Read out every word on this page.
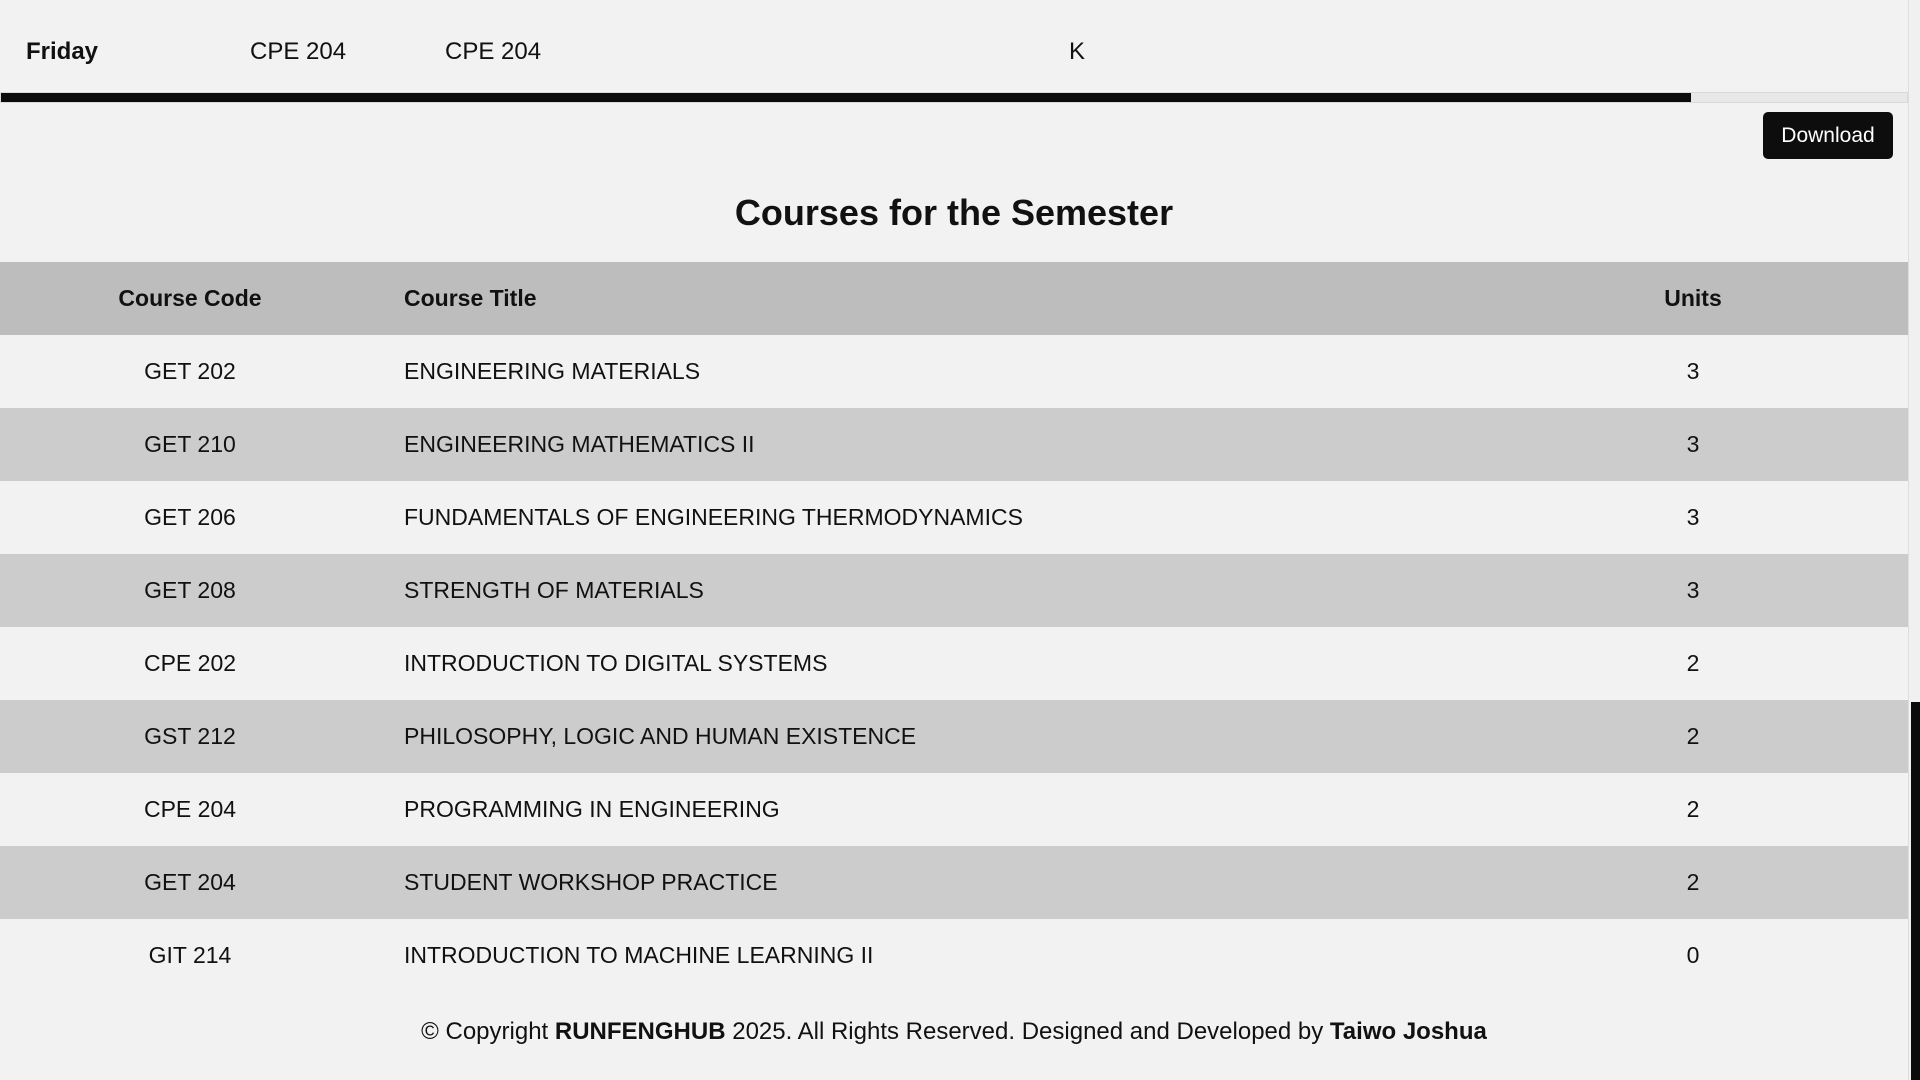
Friday	CPE 204	CPE 204	K
Download
Courses for the Semester
Course Code	Course Title	Units
GET 202	ENGINEERING MATERIALS	3
GET 210	ENGINEERING MATHEMATICS II	3
GET 206	FUNDAMENTALS OF ENGINEERING THERMODYNAMICS	3
GET 208	STRENGTH OF MATERIALS	3
CPE 202	INTRODUCTION TO DIGITAL SYSTEMS	2
GST 212	PHILOSOPHY, LOGIC AND HUMAN EXISTENCE	2
CPE 204	PROGRAMMING IN ENGINEERING	2
GET 204	STUDENT WORKSHOP PRACTICE	2
GIT 214	INTRODUCTION TO MACHINE LEARNING II	0
© Copyright RUNFENGHUB 2025. All Rights Reserved. Designed and Developed by Taiwo Joshua
